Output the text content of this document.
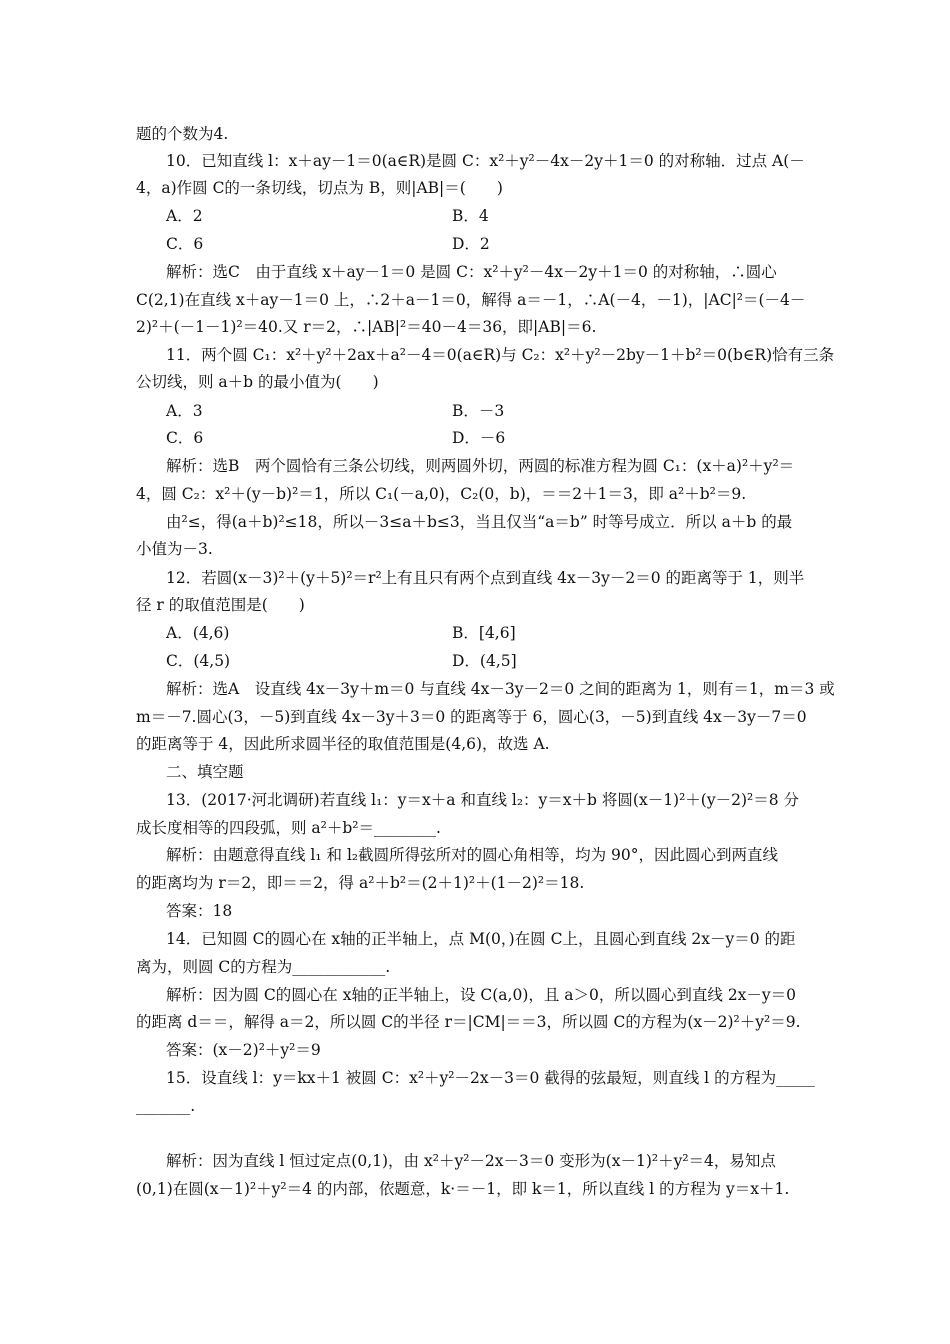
题的个数为4.
10．已知直线 l：x＋ay－1＝0(a∈R)是圆 C：x²＋y²－4x－2y＋1＝0 的对称轴．过点 A(－
4，a)作圆 C的一条切线，切点为 B，则|AB|＝(　　)
A．2	B．4
C．6	D．2
解析：选C　由于直线 x＋ay－1＝0 是圆 C：x²＋y²－4x－2y＋1＝0 的对称轴，∴圆心
C(2,1)在直线 x＋ay－1＝0 上，∴2＋a－1＝0，解得 a＝－1，∴A(－4，－1)，|AC|²＝(－4－
2)²＋(－1－1)²＝40.又 r＝2，∴|AB|²＝40－4＝36，即|AB|＝6.
11．两个圆 C₁：x²＋y²＋2ax＋a²－4＝0(a∈R)与 C₂：x²＋y²－2by－1＋b²＝0(b∈R)恰有三条
公切线，则 a＋b 的最小值为(　　)
A．3	B．－3
C．6	D．－6
解析：选B　两个圆恰有三条公切线，则两圆外切，两圆的标准方程为圆 C₁：(x＋a)²＋y²＝
4，圆 C₂：x²＋(y－b)²＝1，所以 C₁(－a,0)，C₂(0，b)，＝＝2＋1＝3，即 a²＋b²＝9.
由²≤，得(a＋b)²≤18，所以－3≤a＋b≤3，当且仅当“a＝b” 时等号成立．所以 a＋b 的最
小值为－3.
12．若圆(x－3)²＋(y＋5)²＝r²上有且只有两个点到直线 4x－3y－2＝0 的距离等于 1，则半
径 r 的取值范围是(　　)
A．(4,6)	B．[4,6]
C．(4,5)	D．(4,5]
解析：选A　设直线 4x－3y＋m＝0 与直线 4x－3y－2＝0 之间的距离为 1，则有＝1，m＝3 或
m＝－7.圆心(3，－5)到直线 4x－3y＋3＝0 的距离等于 6，圆心(3，－5)到直线 4x－3y－7＝0
的距离等于 4，因此所求圆半径的取值范围是(4,6)，故选 A.
二、填空题
13．(2017·河北调研)若直线 l₁：y＝x＋a 和直线 l₂：y＝x＋b 将圆(x－1)²＋(y－2)²＝8 分
成长度相等的四段弧，则 a²＋b²＝________.
解析：由题意得直线 l₁ 和 l₂截圆所得弦所对的圆心角相等，均为 90°，因此圆心到两直线
的距离均为 r＝2，即＝＝2，得 a²＋b²＝(2＋1)²＋(1－2)²＝18.
答案：18
14．已知圆 C的圆心在 x轴的正半轴上，点 M(0，)在圆 C上，且圆心到直线 2x－y＝0 的距
离为，则圆 C的方程为____________.
解析：因为圆 C的圆心在 x轴的正半轴上，设 C(a,0)，且 a＞0，所以圆心到直线 2x－y＝0
的距离 d＝＝，解得 a＝2，所以圆 C的半径 r＝|CM|＝＝3，所以圆 C的方程为(x－2)²＋y²＝9.
答案：(x－2)²＋y²＝9
15．设直线 l：y＝kx＋1 被圆 C：x²＋y²－2x－3＝0 截得的弦最短，则直线 l 的方程为_____
_______.
解析：因为直线 l 恒过定点(0,1)，由 x²＋y²－2x－3＝0 变形为(x－1)²＋y²＝4，易知点
(0,1)在圆(x－1)²＋y²＝4 的内部，依题意，k·＝－1，即 k＝1，所以直线 l 的方程为 y＝x＋1.
